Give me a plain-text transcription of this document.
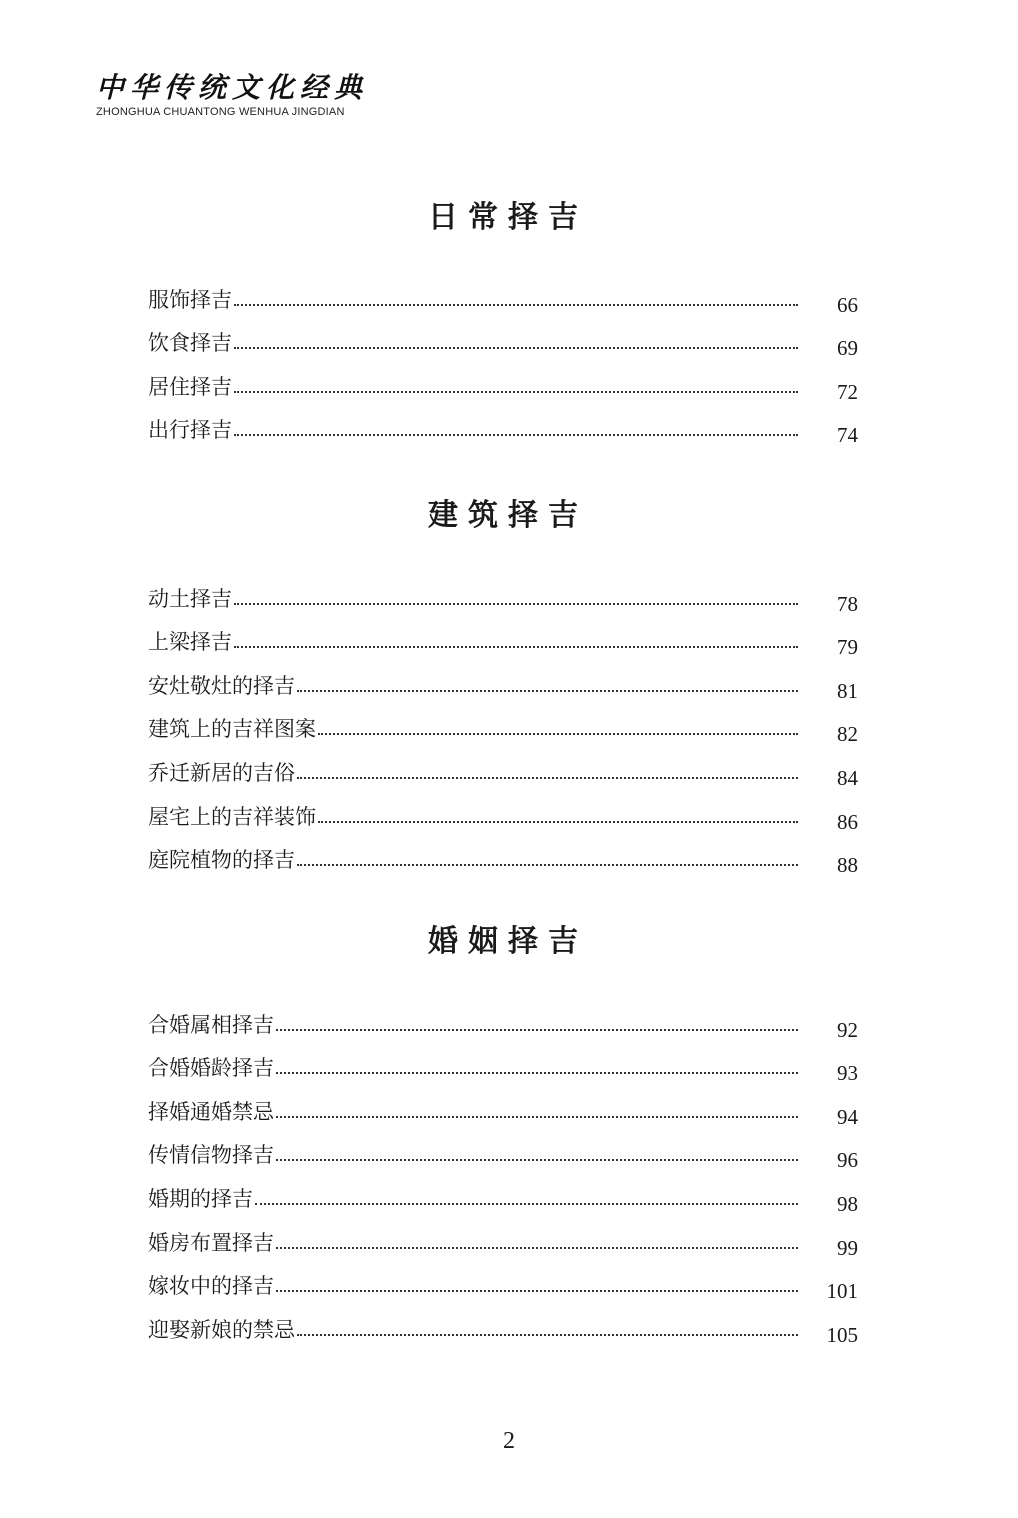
中华传统文化经典
ZHONGHUA CHUANTONG WENHUA JINGDIAN
日常择吉
服饰择吉	66
饮食择吉	69
居住择吉	72
出行择吉	74
建筑择吉
动土择吉	78
上梁择吉	79
安灶敬灶的择吉	81
建筑上的吉祥图案	82
乔迁新居的吉俗	84
屋宅上的吉祥装饰	86
庭院植物的择吉	88
婚姻择吉
合婚属相择吉	92
合婚婚龄择吉	93
择婚通婚禁忌	94
传情信物择吉	96
婚期的择吉	98
婚房布置择吉	99
嫁妆中的择吉	101
迎娶新娘的禁忌	105
2
